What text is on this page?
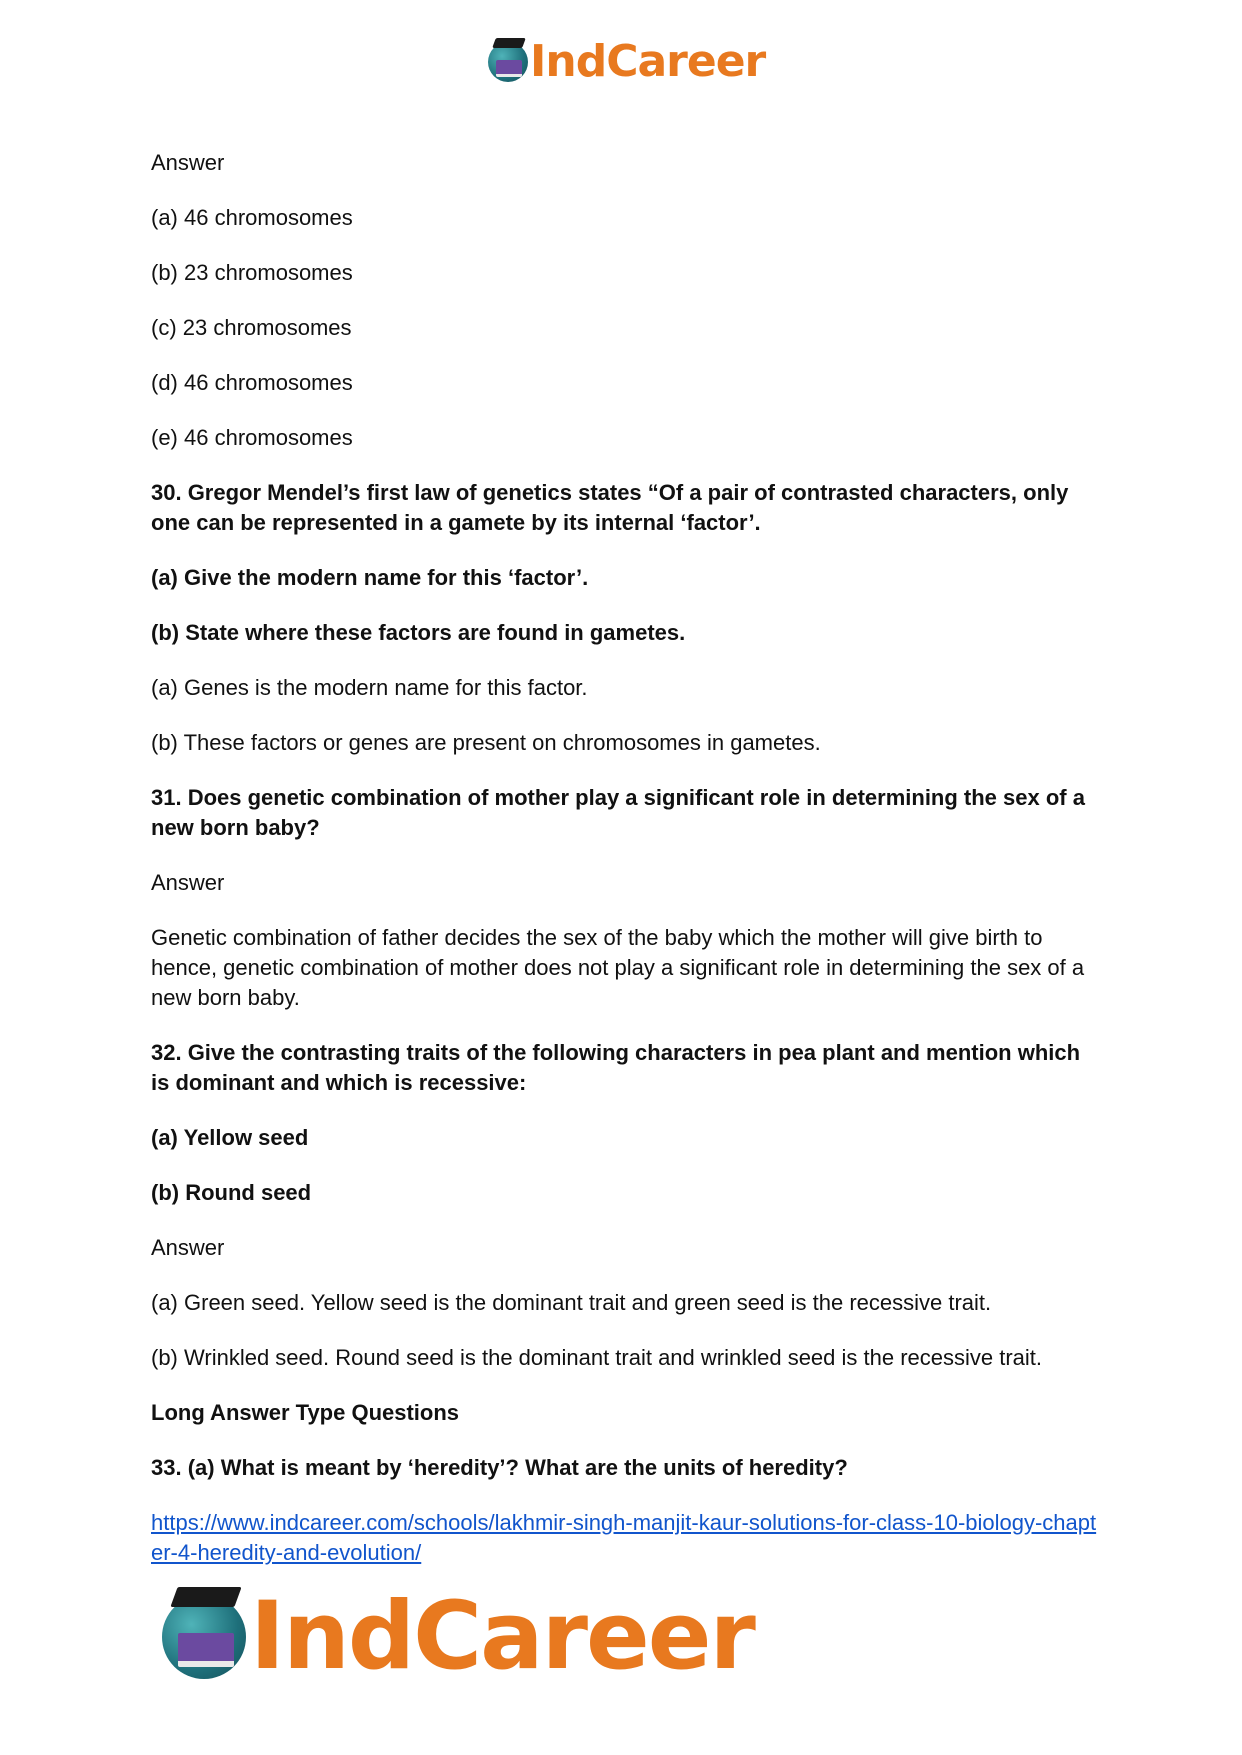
IndCareer

Answer

(a) 46 chromosomes

(b) 23 chromosomes

(c) 23 chromosomes

(d) 46 chromosomes

(e) 46 chromosomes

30. Gregor Mendel’s first law of genetics states “Of a pair of contrasted characters, only one can be represented in a gamete by its internal ‘factor’.

(a) Give the modern name for this ‘factor’.

(b) State where these factors are found in gametes.

(a) Genes is the modern name for this factor.

(b) These factors or genes are present on chromosomes in gametes.

31. Does genetic combination of mother play a significant role in determining the sex of a new born baby?

Answer

Genetic combination of father decides the sex of the baby which the mother will give birth to hence, genetic combination of mother does not play a significant role in determining the sex of a new born baby.

32. Give the contrasting traits of the following characters in pea plant and mention which is dominant and which is recessive:

(a) Yellow seed

(b) Round seed

Answer

(a) Green seed. Yellow seed is the dominant trait and green seed is the recessive trait.

(b) Wrinkled seed. Round seed is the dominant trait and wrinkled seed is the recessive trait.

Long Answer Type Questions

33. (a) What is meant by ‘heredity’? What are the units of heredity?

https://www.indcareer.com/schools/lakhmir-singh-manjit-kaur-solutions-for-class-10-biology-chapter-4-heredity-and-evolution/
IndCareer
